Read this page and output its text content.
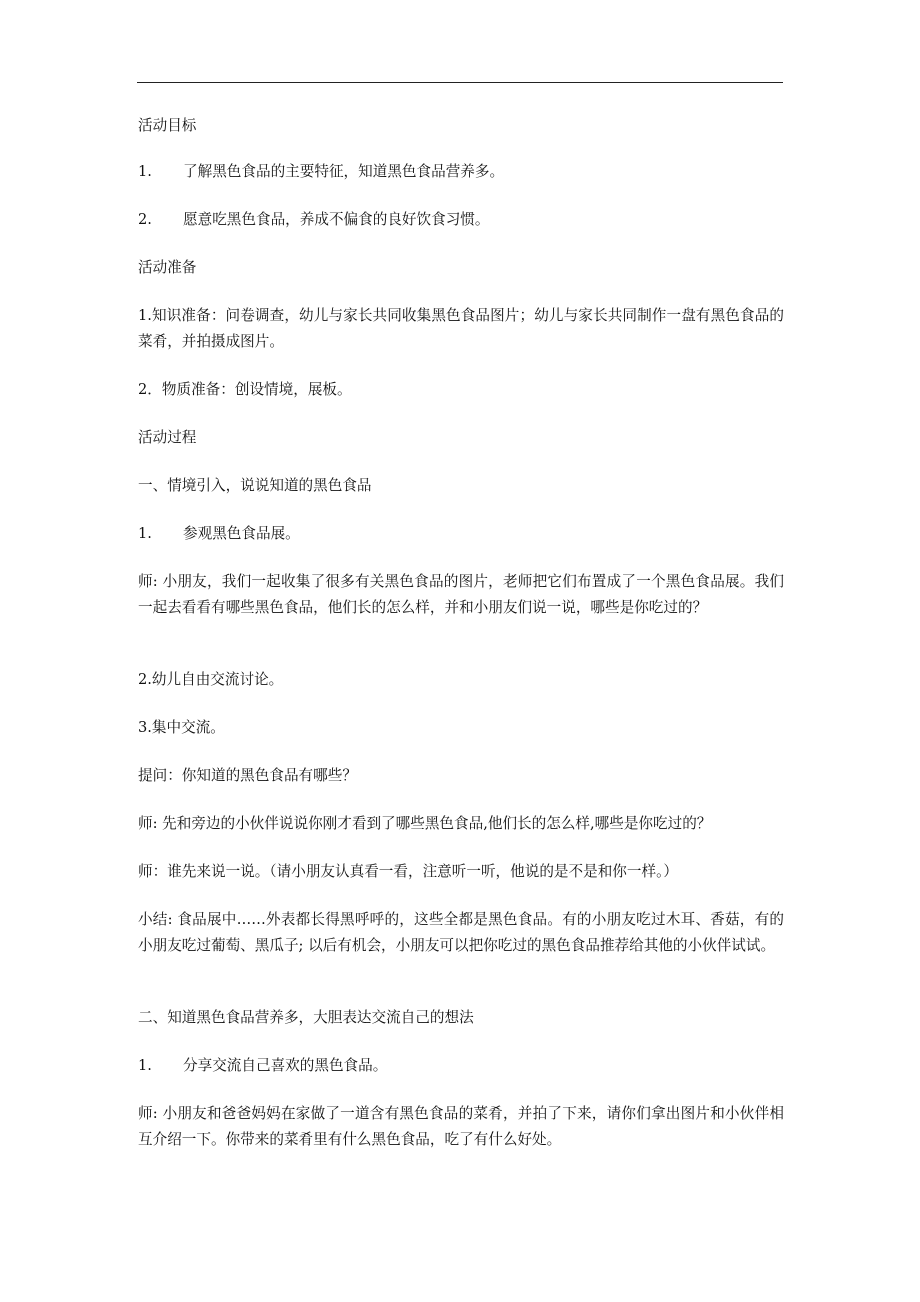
活动目标

1. 了解黑色食品的主要特征，知道黑色食品营养多。

2. 愿意吃黑色食品，养成不偏食的良好饮食习惯。

活动准备

1.知识准备：问卷调查，幼儿与家长共同收集黑色食品图片；幼儿与家长共同制作一盘有黑色食品的菜肴，并拍摄成图片。

2．物质准备：创设情境，展板。

活动过程

一、情境引入，说说知道的黑色食品

1. 参观黑色食品展。

师: 小朋友，我们一起收集了很多有关黑色食品的图片，老师把它们布置成了一个黑色食品展。我们一起去看看有哪些黑色食品，他们长的怎么样，并和小朋友们说一说，哪些是你吃过的？

2.幼儿自由交流讨论。

3.集中交流。

提问：你知道的黑色食品有哪些？

师: 先和旁边的小伙伴说说你刚才看到了哪些黑色食品,他们长的怎么样,哪些是你吃过的？

师：谁先来说一说。（请小朋友认真看一看，注意听一听，他说的是不是和你一样。）

小结: 食品展中……外表都长得黑呼呼的，这些全都是黑色食品。有的小朋友吃过木耳、香菇，有的小朋友吃过葡萄、黑瓜子; 以后有机会，小朋友可以把你吃过的黑色食品推荐给其他的小伙伴试试。

二、知道黑色食品营养多，大胆表达交流自己的想法

1. 分享交流自己喜欢的黑色食品。

师: 小朋友和爸爸妈妈在家做了一道含有黑色食品的菜肴，并拍了下来，请你们拿出图片和小伙伴相互介绍一下。你带来的菜肴里有什么黑色食品，吃了有什么好处。
